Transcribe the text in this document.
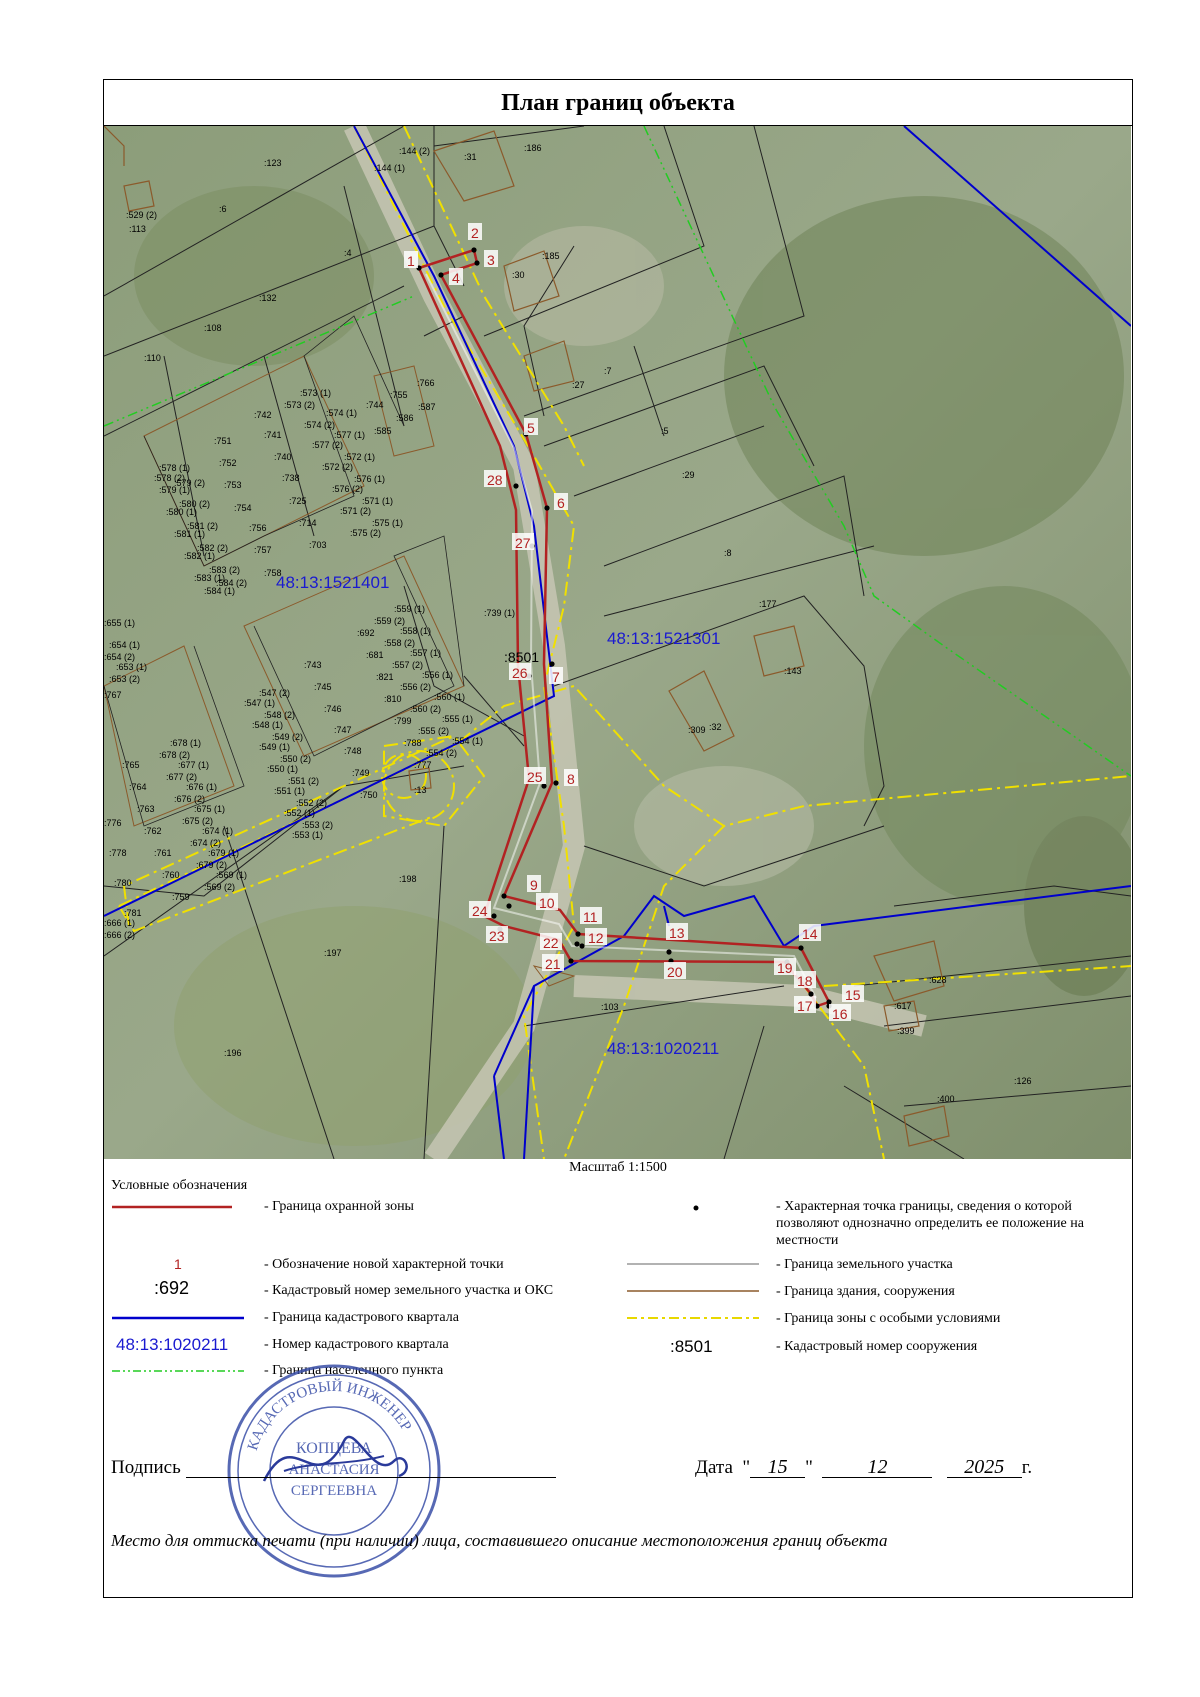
План границ объекта
1
2
3
4
5
6
7
8
9
10
11
12	13	14
15
16
17
18
19
20
21
22
23
24
25
26
27
28
:144 (2)
:144 (1)
:31
:186
:185
:30
:123
:6
:4
:132
:108
:110
:113
:529 (2)
:7
:27
:5
:29
:8
:177
:143
:309 :32
:739 (1)
:13
:198
:197
:196
:103
:628
:617
:399
:126
:400
:751
:752
:753
:754
:756
:757
:758
:742
:741
:740
:738
:725
:714
:703
:744
:755
:766
:585
:586
:587
:573 (1)
:573 (2)
:574 (1)
:574 (2)
:577 (1)
:577 (2)
:572 (1)
:572 (2)
:576 (1)
:576 (2)
:571 (1)
:571 (2)
:575 (1)
:575 (2)
:578 (1)
:578 (2)
:579 (1)
:579 (2)
:580 (1)
:580 (2)
:581 (1)
:581 (2)
:582 (1)
:582 (2)
:583 (1)
:583 (2)
:584 (1)
:584 (2)
:743
:745
:746
:747
:748
:749
:750
:692
:681
:821
:810
:799
:788
:777
:559 (1)
:559 (2)
:558 (1)
:558 (2)
:557 (1)
:557 (2)
:556 (1)
:556 (2)
:560 (1)
:560 (2)
:555 (1)
:555 (2)
:554 (1)
:554 (2)
:547 (1)
:547 (2)
:548 (1)
:548 (2)
:549 (1)
:549 (2)
:550 (1)
:550 (2)
:551 (1)
:551 (2)
:552 (1)
:552 (2)
:553 (1)
:553 (2)
:765
:764
:763
:762
:761
:760
:759
:776
:778
:780
:781
:678 (1)
:678 (2)
:677 (1)
:677 (2)
:676 (1)
:676 (2)
:675 (1)
:675 (2)
:674 (1)
:674 (2)
:679 (1)
:679 (2)
:569 (1)
:569 (2)
:655 (1)
:654 (1)
:654 (2)
:653 (1)
:653 (2)
:666 (1)
:666 (2)
:767
48:13:1521401
48:13:1521301
48:13:1020211
:8501
Масштаб 1:1500
Условные обозначения
- Граница охранной зоны
1	- Обозначение новой характерной точки
:692	- Кадастровый номер земельного участка и ОКС
- Граница кадастрового квартала
48:13:1020211	- Номер кадастрового квартала
- Граница населенного пункта
- Характерная точка границы, сведения о которой позволяют однозначно определить ее положение на местности
- Граница земельного участка
- Граница здания, сооружения
- Граница зоны с особыми условиями
:8501	- Кадастровый номер сооружения
КАДАСТРОВЫЙ ИНЖЕНЕР
КОПЦЕВА
АНАСТАСИЯ
СЕРГЕЕВНА
Подпись	Дата  " 15 "  12	2025 г.
Место для оттиска печати (при наличии) лица, составившего описание местоположения границ объекта
